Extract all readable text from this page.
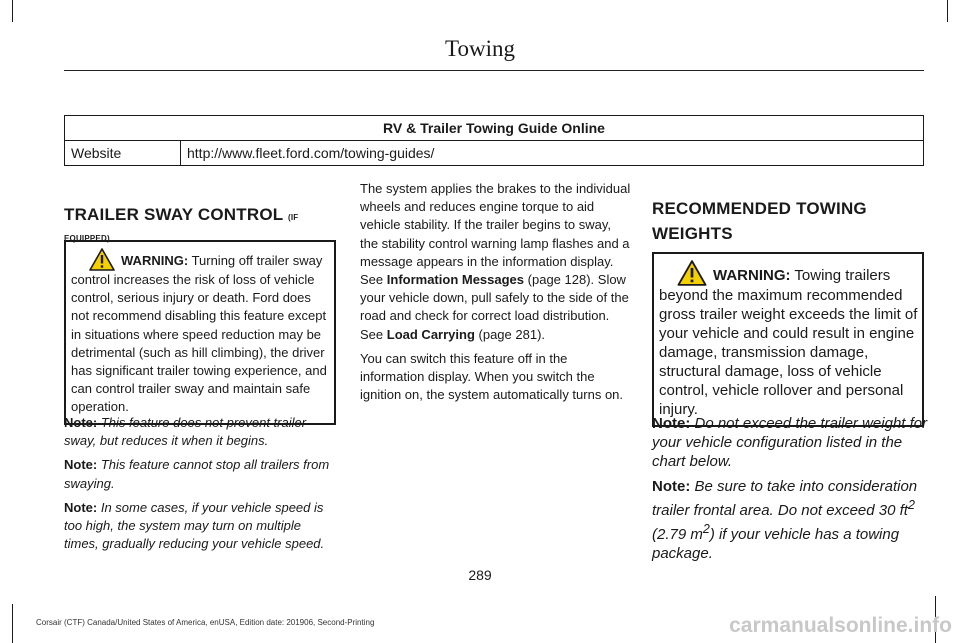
Towing
RV & Trailer Towing Guide Online
Website	http://www.fleet.ford.com/towing-guides/
TRAILER SWAY CONTROL (IF EQUIPPED)
WARNING: Turning off trailer sway control increases the risk of loss of vehicle control, serious injury or death. Ford does not recommend disabling this feature except in situations where speed reduction may be detrimental (such as hill climbing), the driver has significant trailer towing experience, and can control trailer sway and maintain safe operation.

Note: This feature does not prevent trailer sway, but reduces it when it begins.

Note: This feature cannot stop all trailers from swaying.

Note: In some cases, if your vehicle speed is too high, the system may turn on multiple times, gradually reducing your vehicle speed.

The system applies the brakes to the individual wheels and reduces engine torque to aid vehicle stability. If the trailer begins to sway, the stability control warning lamp flashes and a message appears in the information display. See Information Messages (page 128). Slow your vehicle down, pull safely to the side of the road and check for correct load distribution. See Load Carrying (page 281).

You can switch this feature off in the information display. When you switch the ignition on, the system automatically turns on.

RECOMMENDED TOWING
WEIGHTS
WARNING: Towing trailers beyond the maximum recommended gross trailer weight exceeds the limit of your vehicle and could result in engine damage, transmission damage, structural damage, loss of vehicle control, vehicle rollover and personal injury.

Note: Do not exceed the trailer weight for your vehicle configuration listed in the chart below.

Note: Be sure to take into consideration trailer frontal area. Do not exceed 30 $ft^2$ (2.79 $m^2$) if your vehicle has a towing package.

289
Corsair (CTF) Canada/United States of America, enUSA, Edition date: 201906, Second-Printing	carmanualsonline.info
